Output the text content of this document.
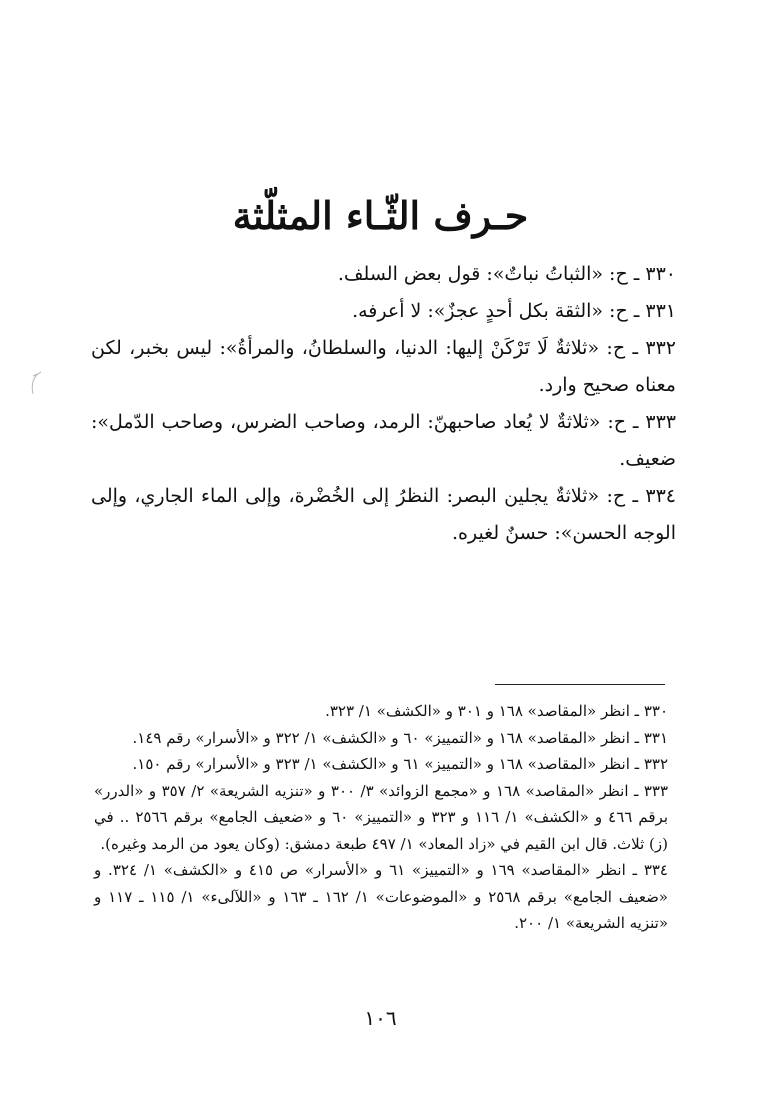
حـرف الثّـاء المثلّثة

٣٣٠ ـ ح: «الثباتُ نباتٌ»: قول بعض السلف.

٣٣١ ـ ح: «الثقة بكل أحدٍ عجزٌ»: لا أعرفه.

٣٣٢ ـ ح: «ثلاثةٌ لَا تَرْكَنْ إليها: الدنيا، والسلطانُ، والمرأةُ»: ليس بخبر، لكن معناه صحيح وارد.

٣٣٣ ـ ح: «ثلاثةٌ لا يُعاد صاحبهنّ: الرمد، وصاحب الضرس، وصاحب الدّمل»: ضعيف.

٣٣٤ ـ ح: «ثلاثةٌ يجلين البصر: النظرُ إلى الخُضْرة، وإلى الماء الجاري، وإلى الوجه الحسن»: حسنٌ لغيره.

٣٣٠ ـ انظر «المقاصد» ١٦٨ و ٣٠١ و «الكشف» ١/ ٣٢٣.

٣٣١ ـ انظر «المقاصد» ١٦٨ و «التمييز» ٦٠ و «الكشف» ١/ ٣٢٢ و «الأسرار» رقم ١٤٩.

٣٣٢ ـ انظر «المقاصد» ١٦٨ و «التمييز» ٦١ و «الكشف» ١/ ٣٢٣ و «الأسرار» رقم ١٥٠.

٣٣٣ ـ انظر «المقاصد» ١٦٨ و «مجمع الزوائد» ٣/ ٣٠٠ و «تنزيه الشريعة» ٢/ ٣٥٧ و «الدرر» برقم ٤٦٦ و «الكشف» ١/ ١١٦ و ٣٢٣ و «التمييز» ٦٠ و «ضعيف الجامع» برقم ٢٥٦٦ .. في (ز) ثلاث. قال ابن القيم في «زاد المعاد» ١/ ٤٩٧ طبعة دمشق: (وكان يعود من الرمد وغيره).

٣٣٤ ـ انظر «المقاصد» ١٦٩ و «التمييز» ٦١ و «الأسرار» ص ٤١٥ و «الكشف» ١/ ٣٢٤. و «ضعيف الجامع» برقم ٢٥٦٨ و «الموضوعات» ١/ ١٦٢ ـ ١٦٣ و «اللآلىء» ١/ ١١٥ ـ ١١٧ و «تنزيه الشريعة» ١/ ٢٠٠.

١٠٦
